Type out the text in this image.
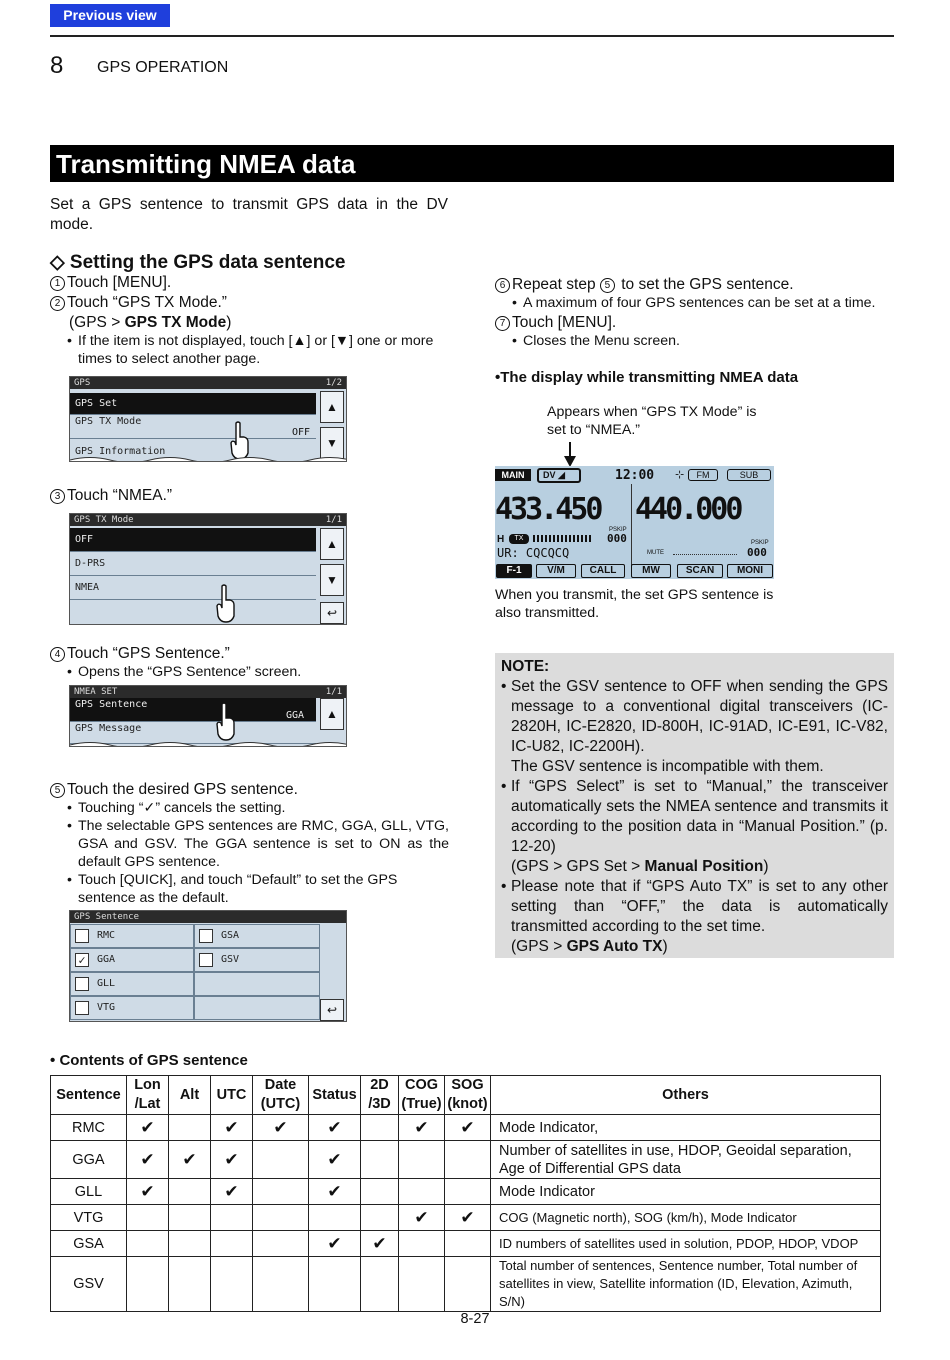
Previous view
8 GPS OPERATION
Transmitting NMEA data
Set a GPS sentence to transmit GPS data in the DV mode.
◇ Setting the GPS data sentence
1 Touch [MENU].
2 Touch “GPS TX Mode.”
(GPS > GPS TX Mode)
• If the item is not displayed, touch [▲] or [▼] one or more times to select another page.
GPS	1/2
GPS Set
GPS TX Mode
OFF
GPS Information
▲
▼
3 Touch “NMEA.”
GPS TX Mode	1/1
OFF
D-PRS
NMEA
▲
▼
↩
4 Touch “GPS Sentence.”
• Opens the “GPS Sentence” screen.
NMEA SET	1/1
GPS Sentence
GGA
GPS Message
▲
5 Touch the desired GPS sentence.
• Touching “✓” cancels the setting.
• The selectable GPS sentences are RMC, GGA, GLL, VTG, GSA and GSV. The GGA sentence is set to ON as the default GPS sentence.
• Touch [QUICK], and touch “Default” to set the GPS sentence as the default.
GPS Sentence
RMC	GSA
✓	GGA	GSV
GLL
VTG	↩
6 Repeat step 5 to set the GPS sentence.
• A maximum of four GPS sentences can be set at a time.
7 Touch [MENU].
• Closes the Menu screen.
•The display while transmitting NMEA data
Appears when “GPS TX Mode” is set to “NMEA.”
MAIN	DV ◢	12:00 ⊹	FM	SUB
433.450 440.000
PSKIP
000	PSKIP
000
H	TX
UR: CQCQCQ	MUTE
F-1	V/M	CALL	MW	SCAN	MONI
When you transmit, the set GPS sentence is also transmitted.
NOTE:
• Set the GSV sentence to OFF when sending the GPS message to a conventional digital transceivers (IC-2820H, IC-E2820, ID-800H, IC-91AD, IC-E91, IC-V82, IC-U82, IC-2200H).
The GSV sentence is incompatible with them.
• If “GPS Select” is set to “Manual,” the transceiver automatically sets the NMEA sentence and transmits it according to the position data in “Manual Position.” (p. 12-20)
(GPS > GPS Set > Manual Position)
• Please note that if “GPS Auto TX” is set to any other setting than “OFF,” the data is automatically transmitted according to the set time.
(GPS > GPS Auto TX)
• Contents of GPS sentence
Sentence	Lon /Lat	Alt	UTC	Date (UTC)	Status	2D /3D	COG (True)	SOG (knot)	Others
RMC	✔		✔	✔	✔		✔	✔	Mode Indicator,
GGA	✔	✔	✔		✔				Number of satellites in use, HDOP, Geoidal separation, Age of Differential GPS data
GLL	✔		✔		✔				Mode Indicator
VTG							✔	✔	COG (Magnetic north), SOG (km/h), Mode Indicator
GSA					✔	✔			ID numbers of satellites used in solution, PDOP, HDOP, VDOP
GSV									Total number of sentences, Sentence number, Total number of satellites in view, Satellite information (ID, Elevation, Azimuth, S/N)
8-27
